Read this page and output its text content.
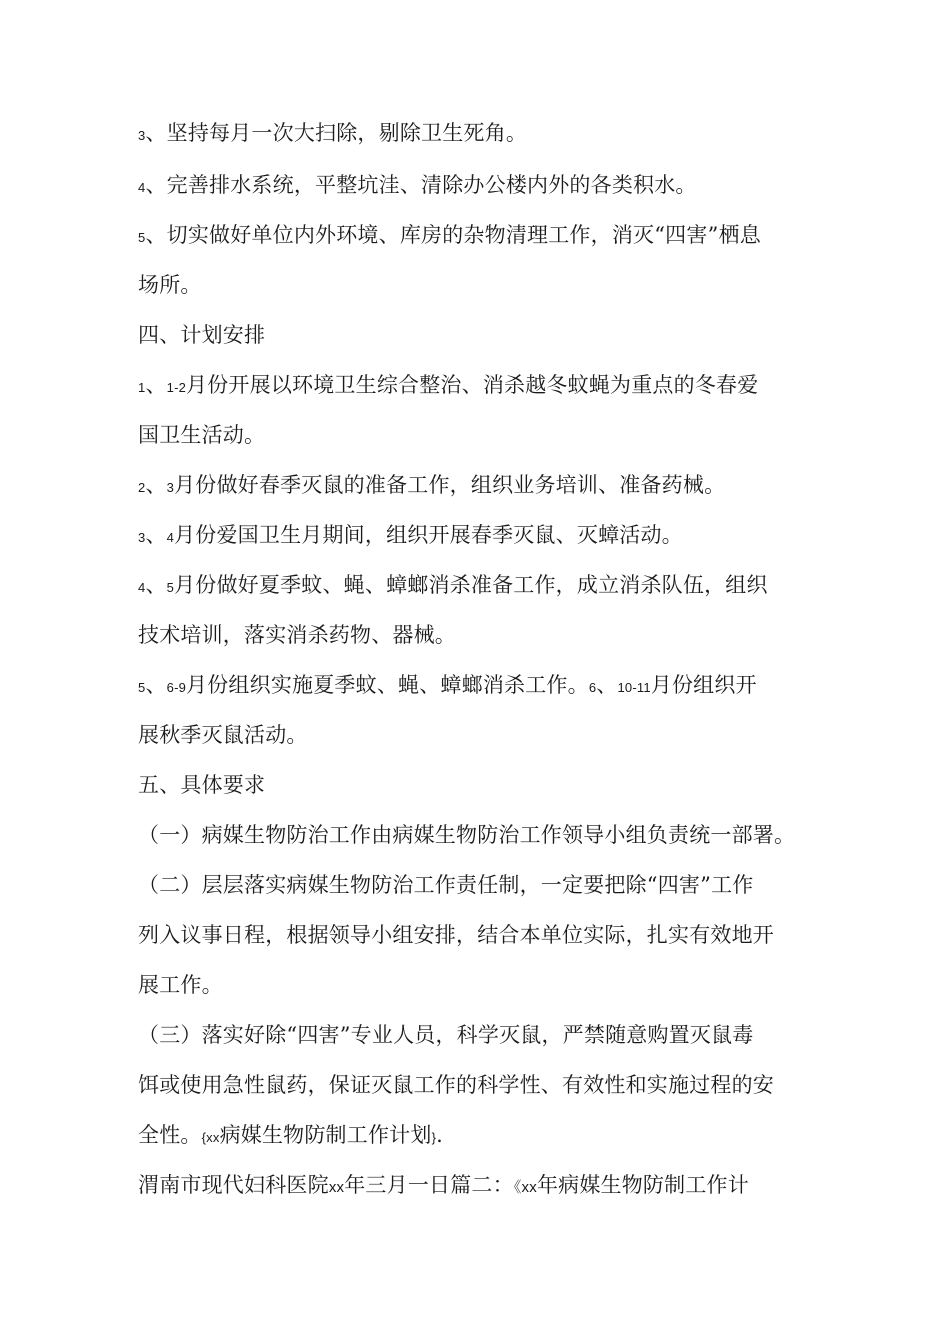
3、坚持每月一次大扫除，剔除卫生死角。
4、完善排水系统，平整坑洼、清除办公楼内外的各类积水。
5、切实做好单位内外环境、库房的杂物清理工作，消灭“四害”栖息
场所。
四、计划安排
1、1-2月份开展以环境卫生综合整治、消杀越冬蚊蝇为重点的冬春爱
国卫生活动。
2、3月份做好春季灭鼠的准备工作，组织业务培训、准备药械。
3、4月份爱国卫生月期间，组织开展春季灭鼠、灭蟑活动。
4、5月份做好夏季蚊、蝇、蟑螂消杀准备工作，成立消杀队伍，组织
技术培训，落实消杀药物、器械。
5、6-9月份组织实施夏季蚊、蝇、蟑螂消杀工作。6、10-11月份组织开
展秋季灭鼠活动。
五、具体要求
（一）病媒生物防治工作由病媒生物防治工作领导小组负责统一部署。
（二）层层落实病媒生物防治工作责任制，一定要把除“四害”工作
列入议事日程，根据领导小组安排，结合本单位实际，扎实有效地开
展工作。
（三）落实好除“四害”专业人员，科学灭鼠，严禁随意购置灭鼠毒
饵或使用急性鼠药，保证灭鼠工作的科学性、有效性和实施过程的安
全性。{xx病媒生物防制工作计划}.
渭南市现代妇科医院xx年三月一日篇二：《xx年病媒生物防制工作计
